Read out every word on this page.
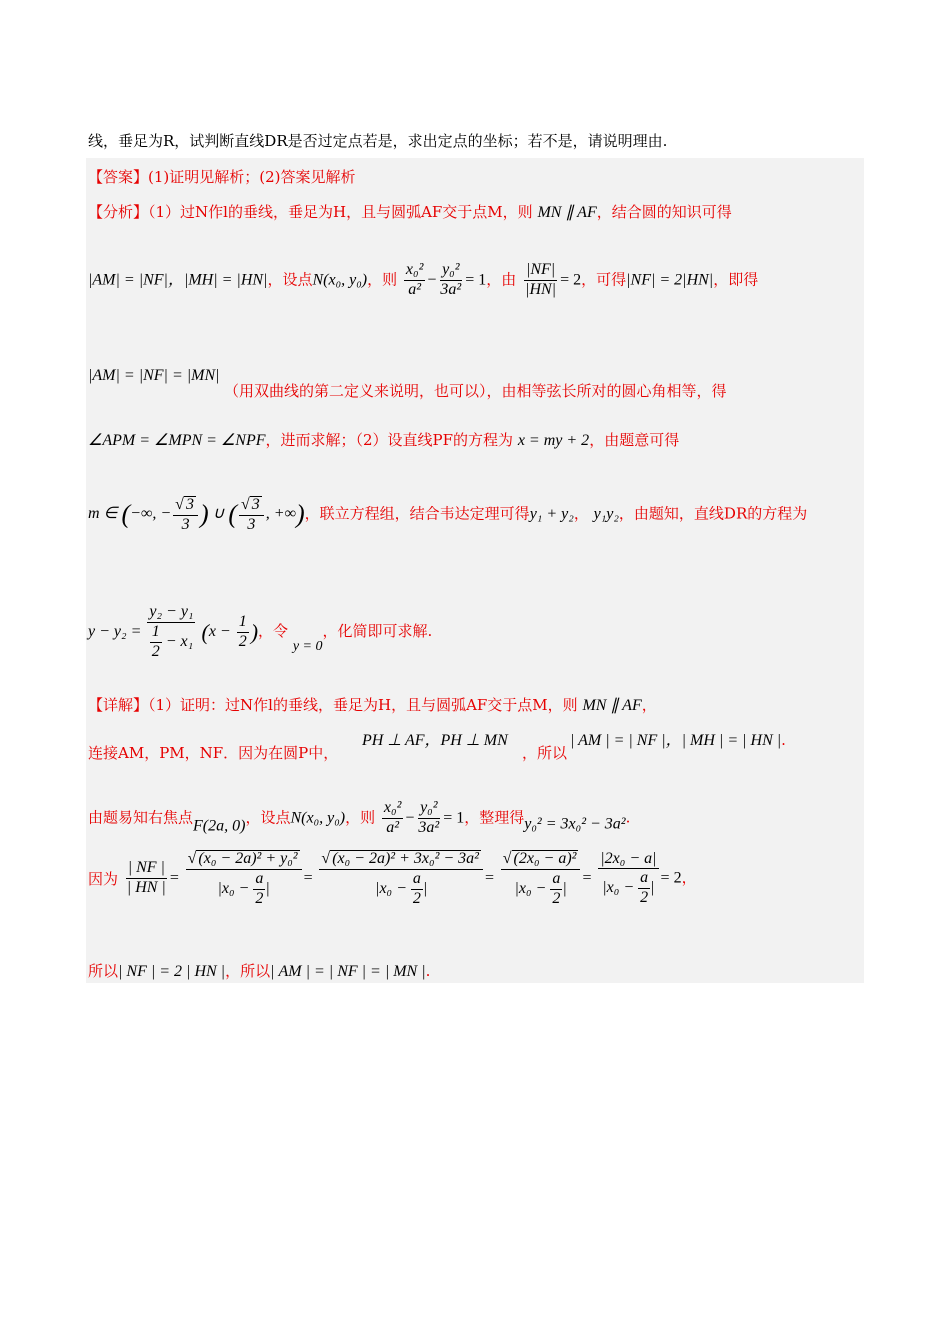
线，垂足为R，试判断直线DR是否过定点若是，求出定点的坐标；若不是，请说明理由.
【答案】(1)证明见解析；(2)答案见解析
【分析】（1）过N作l的垂线，垂足为H，且与圆弧AF交于点M，则 MN ∥ AF，结合圆的知识可得
|AM| = |NF|，|MH| = |HN|，设点N(x₀, y₀)，则 $\frac{\text{x₀²}}{\text{a²}} - \frac{\text{y₀²}}{\text{3a²}} = 1$，由 $\frac{|NF|}{|HN|} = 2$，可得|NF| = 2|HN|，即得
|AM| = |NF| = |MN|
（用双曲线的第二定义来说明，也可以），由相等弦长所对的圆心角相等，得
∠APM = ∠MPN = ∠NPF，进而求解；（2）设直线PF的方程为 x = my + 2，由题意可得
m ∈ (−∞, − $\frac{√ 3}{3}$ ) ∪ ( $\frac{√ 3}{3}$ , +∞)，联立方程组，结合韦达定理可得y₁ + y₂， y₁y₂，由题知，直线DR的方程为
$y - y_2 = \frac{\text{y₂ − y₁}}{\frac{1}{2} - x_1} (x - \frac{1}{2}$ )，令 y = 0，化简即可求解.
【详解】（1）证明：过N作l的垂线，垂足为H，且与圆弧AF交于点M，则 MN ∥ AF，
连接AM，PM，NF．因为在圆P中，
PH ⊥ AF，PH ⊥ MN
，所以
| AM | = | NF |，| MH | = | HN |.
由题易知右焦点F(2a, 0)，设点N(x₀, y₀)，则 $\frac{\text{x₀²}}{\text{a²}} - \frac{\text{y₀²}}{\text{3a²}} = 1$，整理得y₀² = 3x₀² − 3a².
因为 $\frac{| NF |}{| HN |} = \frac{\text{√ (x₀ − 2a)² + y₀²}}{|x_0 - \frac{a}{2} |} = \frac{\text{√ (x₀ − 2a)² + 3x₀² − 3a²}}{|x_0 - \frac{a}{2} |} = \frac{\text{√ (2x₀ − a)²}}{|x_0 - \frac{a}{2} |} = \frac{\text{|2x₀ − a|}}{|x_0 - \frac{a}{2} |} = 2$，
所以| NF | = 2 | HN |，所以| AM | = | NF | = | MN |.
